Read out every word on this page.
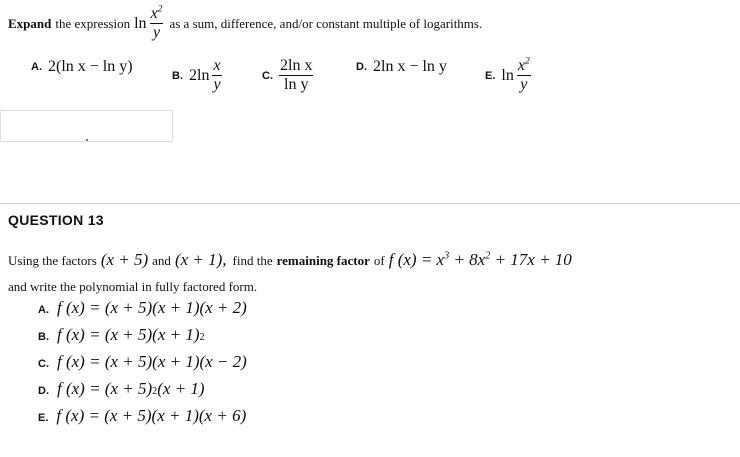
Expand the expression $\ln \frac{x^2}{y}$ as a sum, difference, and/or constant multiple of logarithms.
A. 2(ln x − ln y)
B. $2\ln \frac{x}{y}$	C. $\frac{\text{2ln x}}{\text{ln y}}$	D. 2ln x − ln y
E. $\ln \frac{x^2}{y}$
QUESTION 13
Using the factors (x + 5) and (x + 1), find the remaining factor of f $(x) = x^3 + 8x^2 + 17x + 10$
and write the polynomial in fully factored form.
A. f (x) = (x + 5)(x + 1)(x + 2)
B. f (x) = (x + 5)(x + 1) 2
C. f (x) = (x + 5)(x + 1)(x − 2)
D. f (x) = (x + 5) 2 (x + 1)
E. f (x) = (x + 5)(x + 1)(x + 6)
